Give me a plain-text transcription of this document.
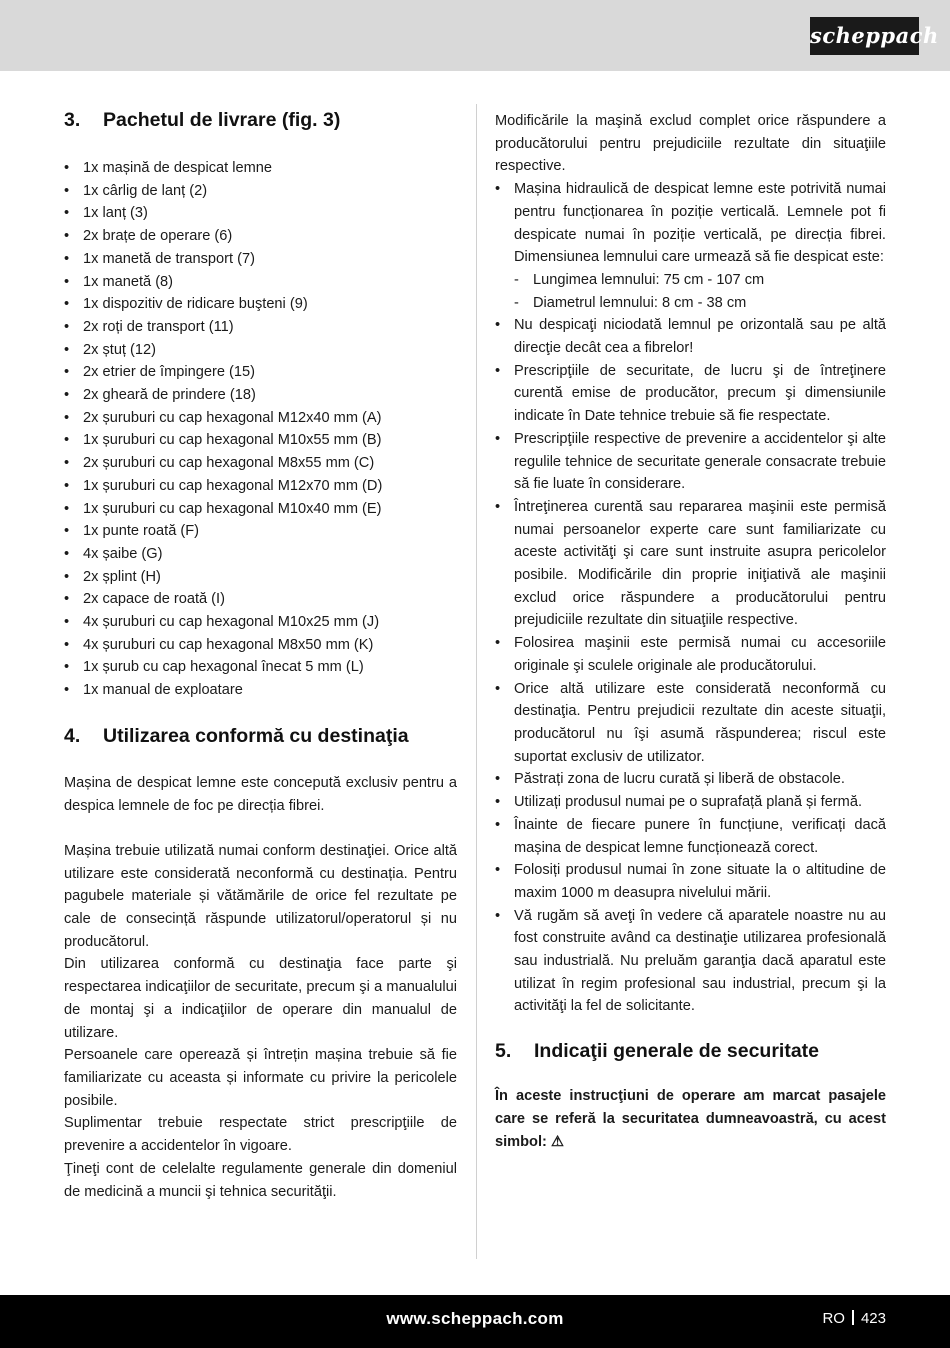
scheppach
3.	Pachetul de livrare (fig. 3)
• 1x mașină de despicat lemne
• 1x cârlig de lanț (2)
• 1x lanț (3)
• 2x brațe de operare (6)
• 1x manetă de transport (7)
• 1x manetă (8)
• 1x dispozitiv de ridicare buşteni (9)
• 2x roți de transport (11)
• 2x ștuț (12)
• 2x etrier de împingere (15)
• 2x gheară de prindere (18)
• 2x șuruburi cu cap hexagonal M12x40 mm (A)
• 1x șuruburi cu cap hexagonal M10x55 mm (B)
• 2x șuruburi cu cap hexagonal M8x55 mm (C)
• 1x șuruburi cu cap hexagonal M12x70 mm (D)
• 1x șuruburi cu cap hexagonal M10x40 mm (E)
• 1x punte roată (F)
• 4x șaibe (G)
• 2x șplint (H)
• 2x capace de roată (I)
• 4x șuruburi cu cap hexagonal M10x25 mm (J)
• 4x șuruburi cu cap hexagonal M8x50 mm (K)
• 1x șurub cu cap hexagonal înecat 5 mm (L)
• 1x manual de exploatare
4.	Utilizarea conformă cu destinaţia

Mașina de despicat lemne este concepută exclusiv pentru a despica lemnele de foc pe direcția fibrei.

Mașina trebuie utilizată numai conform destinaţiei. Orice altă utilizare este considerată neconformă cu destinația. Pentru pagubele materiale și vătămările de orice fel rezultate pe cale de consecință răspunde utilizatorul/operatorul și nu producătorul.

Din utilizarea conformă cu destinaţia face parte şi respectarea indicaţiilor de securitate, precum şi a manualului de montaj şi a indicaţiilor de operare din manualul de utilizare.

Persoanele care operează și întrețin mașina trebuie să fie familiarizate cu aceasta și informate cu privire la pericolele posibile.

Suplimentar trebuie respectate strict prescripţiile de prevenire a accidentelor în vigoare.

Ţineţi cont de celelalte regulamente generale din domeniul de medicină a muncii şi tehnica securităţii.

Modificările la maşină exclud complet orice răspundere a producătorului pentru prejudiciile rezultate din situaţiile respective.

• Mașina hidraulică de despicat lemne este potrivită numai pentru funcționarea în poziție verticală. Lemnele pot fi despicate numai în poziție verticală, pe direcția fibrei. Dimensiunea lemnului care urmează să fie despicat este:
- Lungimea lemnului: 75 cm - 107 cm
- Diametrul lemnului: 8 cm - 38 cm
• Nu despicaţi niciodată lemnul pe orizontală sau pe altă direcţie decât cea a fibrelor!
• Prescripţiile de securitate, de lucru şi de întreţinere curentă emise de producător, precum şi dimensiunile indicate în Date tehnice trebuie să fie respectate.
• Prescripţiile respective de prevenire a accidentelor şi alte regulile tehnice de securitate generale consacrate trebuie să fie luate în considerare.
• Întreţinerea curentă sau repararea maşinii este permisă numai persoanelor experte care sunt familiarizate cu aceste activităţi şi care sunt instruite asupra pericolelor posibile. Modificările din proprie iniţiativă ale maşinii exclud orice răspundere a producătorului pentru prejudiciile rezultate din situaţiile respective.
• Folosirea maşinii este permisă numai cu accesoriile originale şi sculele originale ale producătorului.
• Orice altă utilizare este considerată neconformă cu destinaţia. Pentru prejudicii rezultate din aceste situaţii, producătorul nu îşi asumă răspunderea; riscul este suportat exclusiv de utilizator.
• Păstrați zona de lucru curată și liberă de obstacole.
• Utilizați produsul numai pe o suprafață plană și fermă.
• Înainte de fiecare punere în funcțiune, verificați dacă mașina de despicat lemne funcționează corect.
• Folosiți produsul numai în zone situate la o altitudine de maxim 1000 m deasupra nivelului mării.
• Vă rugăm să aveţi în vedere că aparatele noastre nu au fost construite având ca destinaţie utilizarea profesională sau industrială. Nu preluăm garanţia dacă aparatul este utilizat în regim profesional sau industrial, precum şi la activităţi la fel de solicitante.
5.	Indicaţii generale de securitate

În aceste instrucţiuni de operare am marcat pasajele care se referă la securitatea dumneavoastră, cu acest simbol: ⚠

www.scheppach.com	RO 423
